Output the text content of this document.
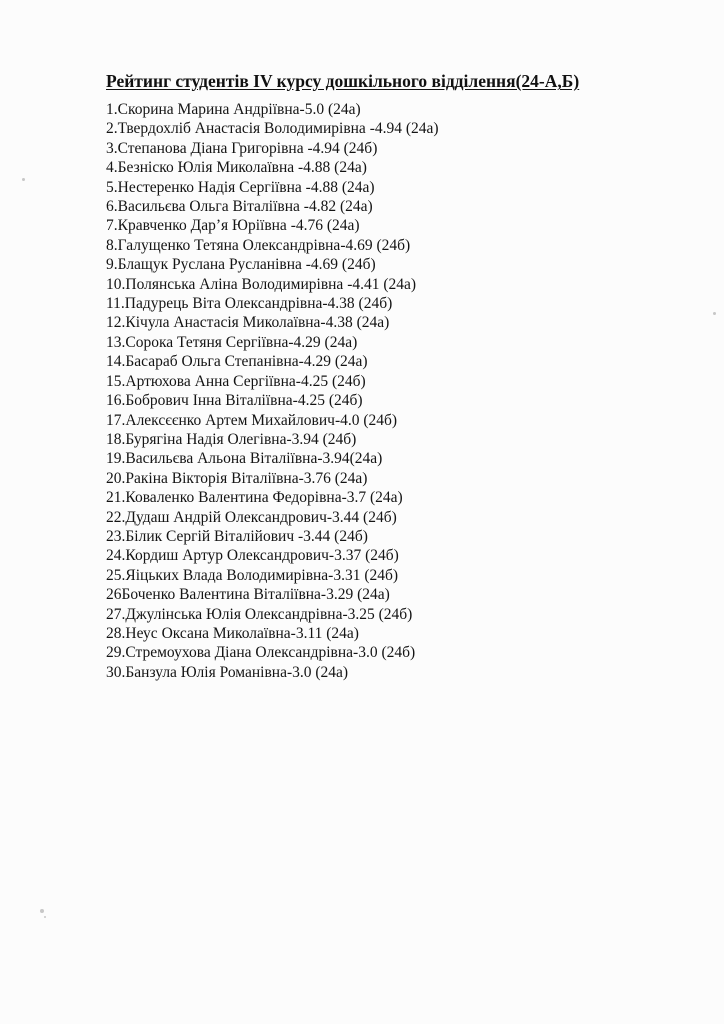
Рейтинг студентів IV курсу дошкільного відділення(24-А,Б)
1.Скорина Марина Андріївна-5.0 (24а)
2.Твердохліб Анастасія Володимирівна -4.94 (24а)
3.Степанова Діана Григорівна -4.94 (24б)
4.Безніско Юлія Миколаївна -4.88 (24а)
5.Нестеренко Надія Сергіївна -4.88 (24а)
6.Васильєва Ольга Віталіївна -4.82 (24а)
7.Кравченко Дар’я Юріївна -4.76 (24а)
8.Галущенко Тетяна Олександрівна-4.69 (24б)
9.Блащук Руслана Русланівна -4.69 (24б)
10.Полянська Аліна Володимирівна -4.41 (24а)
11.Падурець Віта Олександрівна-4.38 (24б)
12.Кічула Анастасія Миколаївна-4.38 (24а)
13.Сорока Тетяня Сергіївна-4.29 (24а)
14.Басараб Ольга Степанівна-4.29 (24а)
15.Артюхова Анна Сергіївна-4.25 (24б)
16.Бобрович Інна Віталіївна-4.25 (24б)
17.Алексєєнко Артем Михайлович-4.0 (24б)
18.Бурягіна Надія Олегівна-3.94 (24б)
19.Васильєва Альона Віталіївна-3.94(24а)
20.Ракіна Вікторія Віталіївна-3.76 (24а)
21.Коваленко Валентина Федорівна-3.7 (24а)
22.Дудаш Андрій Олександрович-3.44 (24б)
23.Білик Сергій Віталійович -3.44 (24б)
24.Кордиш Артур Олександрович-3.37 (24б)
25.Яіцьких Влада Володимирівна-3.31 (24б)
26Боченко Валентина Віталіївна-3.29 (24а)
27.Джулінська Юлія Олександрівна-3.25 (24б)
28.Неус Оксана Миколаївна-3.11 (24а)
29.Стремоухова Діана Олександрівна-3.0 (24б)
30.Банзула Юлія Романівна-3.0 (24а)
